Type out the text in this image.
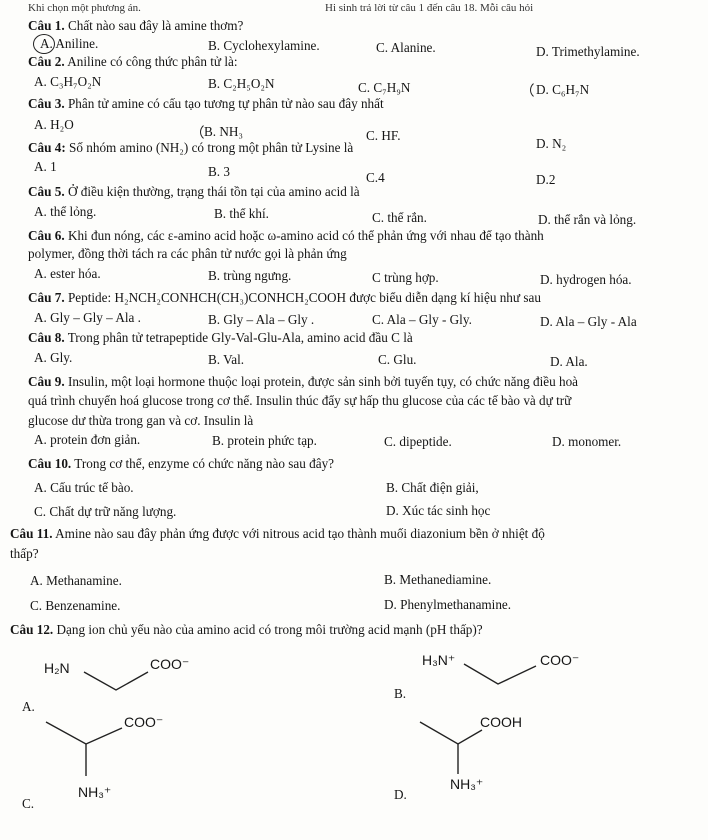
Khi chọn một phương án.	Hi sinh trả lời từ câu 1 đến câu 18. Mỗi câu hỏi
Câu 1. Chất nào sau đây là amine thơm?
A. Aniline.	B. Cyclohexylamine.	C. Alanine.	D. Trimethylamine.
Câu 2. Aniline có công thức phân tử là:
A. C₃H₇O₂N	B. C₂H₅O₂N	C. C₇H₉N	D. C₆H₇N
Câu 3. Phân tử amine có cấu tạo tương tự phân tử nào sau đây nhất
A. H₂O	B. NH₃	C. HF.
D. N₂
Câu 4: Số nhóm amino (NH₂) có trong một phân tử Lysine là
A. 1	B. 3	C.4	D.2
Câu 5. Ở điều kiện thường, trạng thái tồn tại của amino acid là
A. thể lỏng.	B. thể khí.	C. thể rắn.	D. thể rắn và lỏng.
Câu 6. Khi đun nóng, các ε-amino acid hoặc ω-amino acid có thể phản ứng với nhau để tạo thành
polymer, đồng thời tách ra các phân tử nước gọi là phản ứng
A. ester hóa.	B. trùng ngưng.	C trùng hợp.	D. hydrogen hóa.
Câu 7. Peptide: H₂NCH₂CONHCH(CH₃)CONHCH₂COOH được biểu diễn dạng kí hiệu như sau
A. Gly – Gly – Ala .	B. Gly – Ala – Gly .	C. Ala – Gly - Gly.	D. Ala – Gly - Ala
Câu 8. Trong phân tử tetrapeptide Gly-Val-Glu-Ala, amino acid đầu C là
A. Gly.	B. Val.	C. Glu.	D. Ala.
Câu 9. Insulin, một loại hormone thuộc loại protein, được sản sinh bởi tuyến tụy, có chức năng điều hoà
quá trình chuyển hoá glucose trong cơ thể. Insulin thúc đẩy sự hấp thu glucose của các tế bào và dự trữ
glucose dư thừa trong gan và cơ. Insulin là
A. protein đơn giản.	B. protein phức tạp.	C. dipeptide.	D. monomer.
Câu 10. Trong cơ thể, enzyme có chức năng nào sau đây?
A. Cấu trúc tế bào.	B. Chất điện giải,
C. Chất dự trữ năng lượng.	D. Xúc tác sinh học
Câu 11. Amine nào sau đây phản ứng được với nitrous acid tạo thành muối diazonium bền ở nhiệt độ
thấp?
A. Methanamine.	B. Methanediamine.
C. Benzenamine.	D. Phenylmethanamine.
Câu 12. Dạng ion chủ yếu nào của amino acid có trong môi trường acid mạnh (pH thấp)?
H₂N	COO⁻
A.
H₃N⁺	COO⁻
B.
COO⁻
NH₃⁺
C.
COOH
NH₃⁺
D.
